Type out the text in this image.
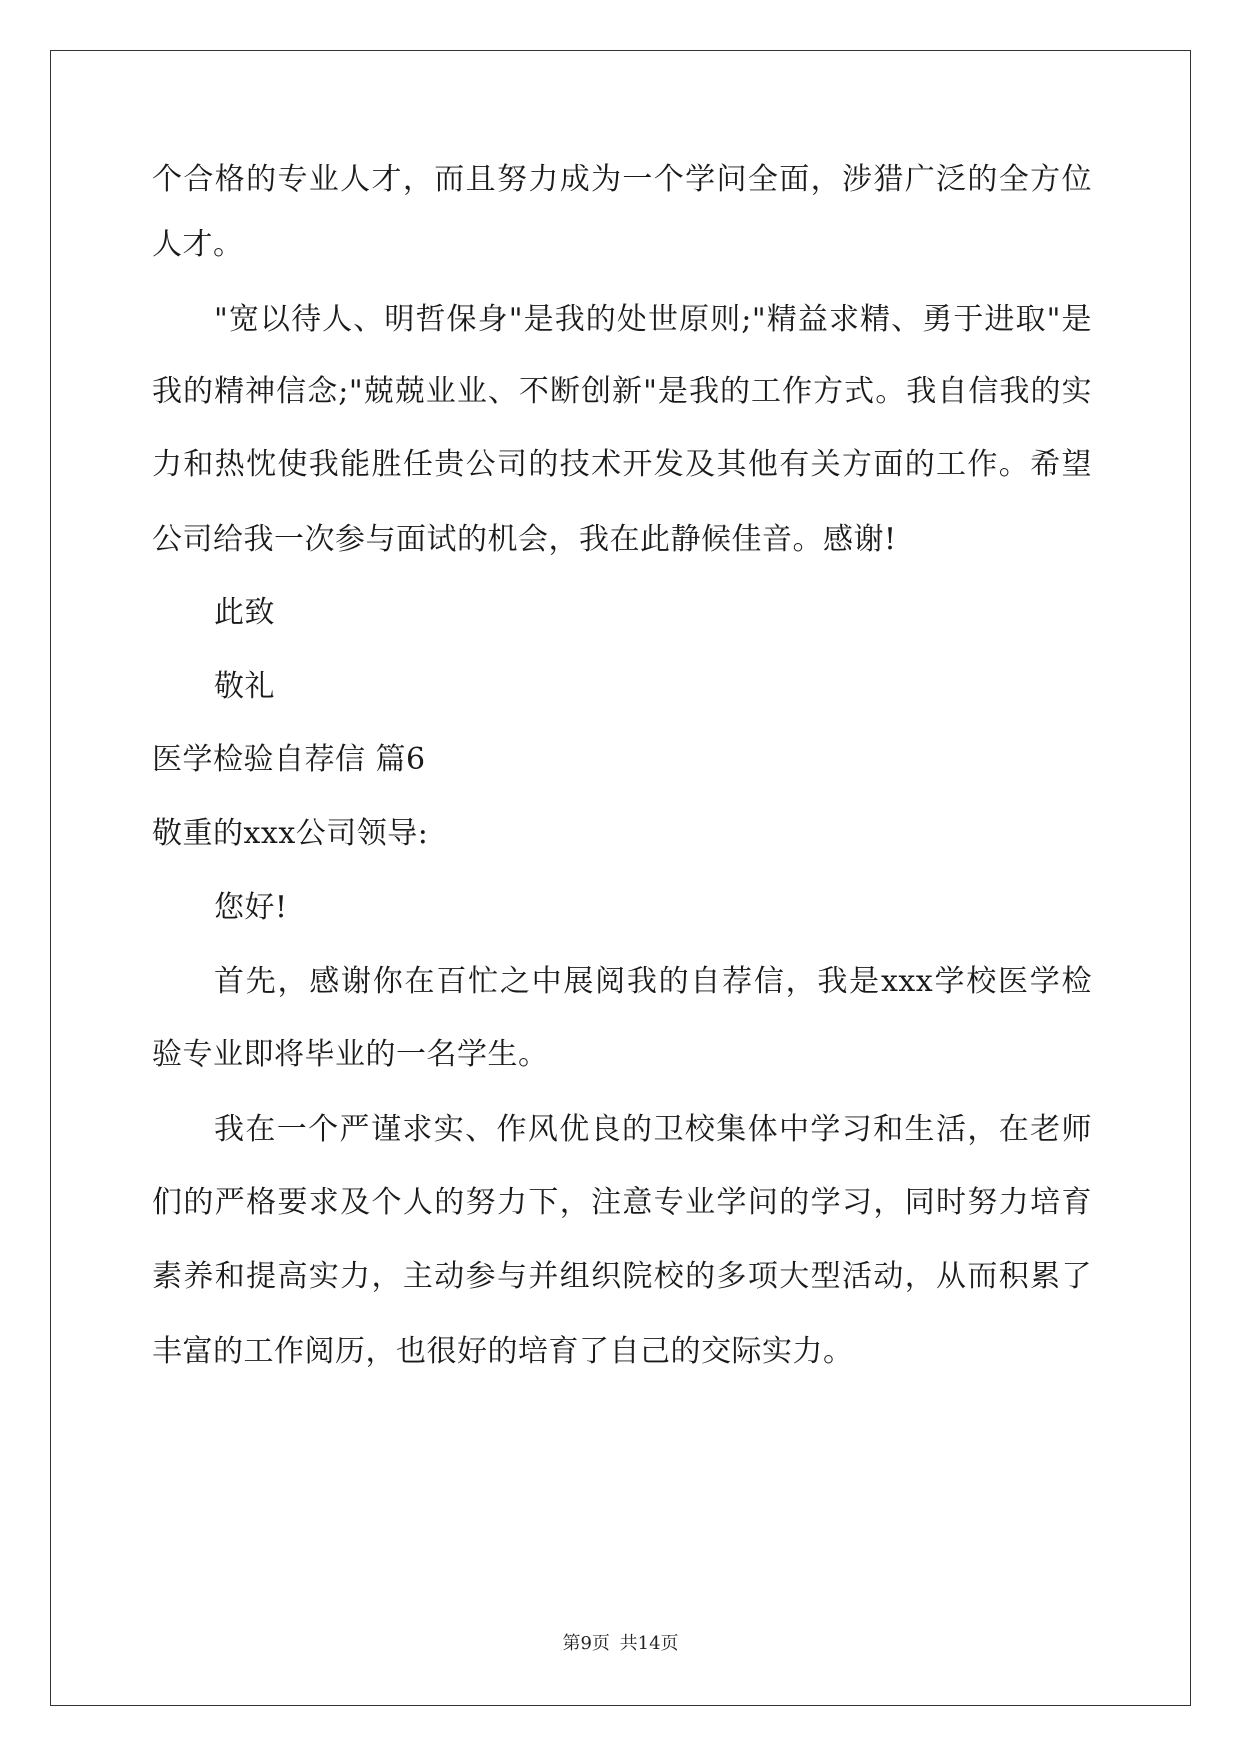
个合格的专业人才，而且努力成为一个学问全面，涉猎广泛的全方位
人才。
"宽以待人、明哲保身"是我的处世原则;"精益求精、勇于进取"是
我的精神信念;"兢兢业业、不断创新"是我的工作方式。我自信我的实
力和热忱使我能胜任贵公司的技术开发及其他有关方面的工作。希望
公司给我一次参与面试的机会，我在此静候佳音。感谢!
此致
敬礼
医学检验自荐信 篇6
敬重的xxx公司领导:
您好!
首先，感谢你在百忙之中展阅我的自荐信，我是xxx学校医学检
验专业即将毕业的一名学生。
我在一个严谨求实、作风优良的卫校集体中学习和生活，在老师
们的严格要求及个人的努力下，注意专业学问的学习，同时努力培育
素养和提高实力，主动参与并组织院校的多项大型活动，从而积累了
丰富的工作阅历，也很好的培育了自己的交际实力。
第9页 共14页
